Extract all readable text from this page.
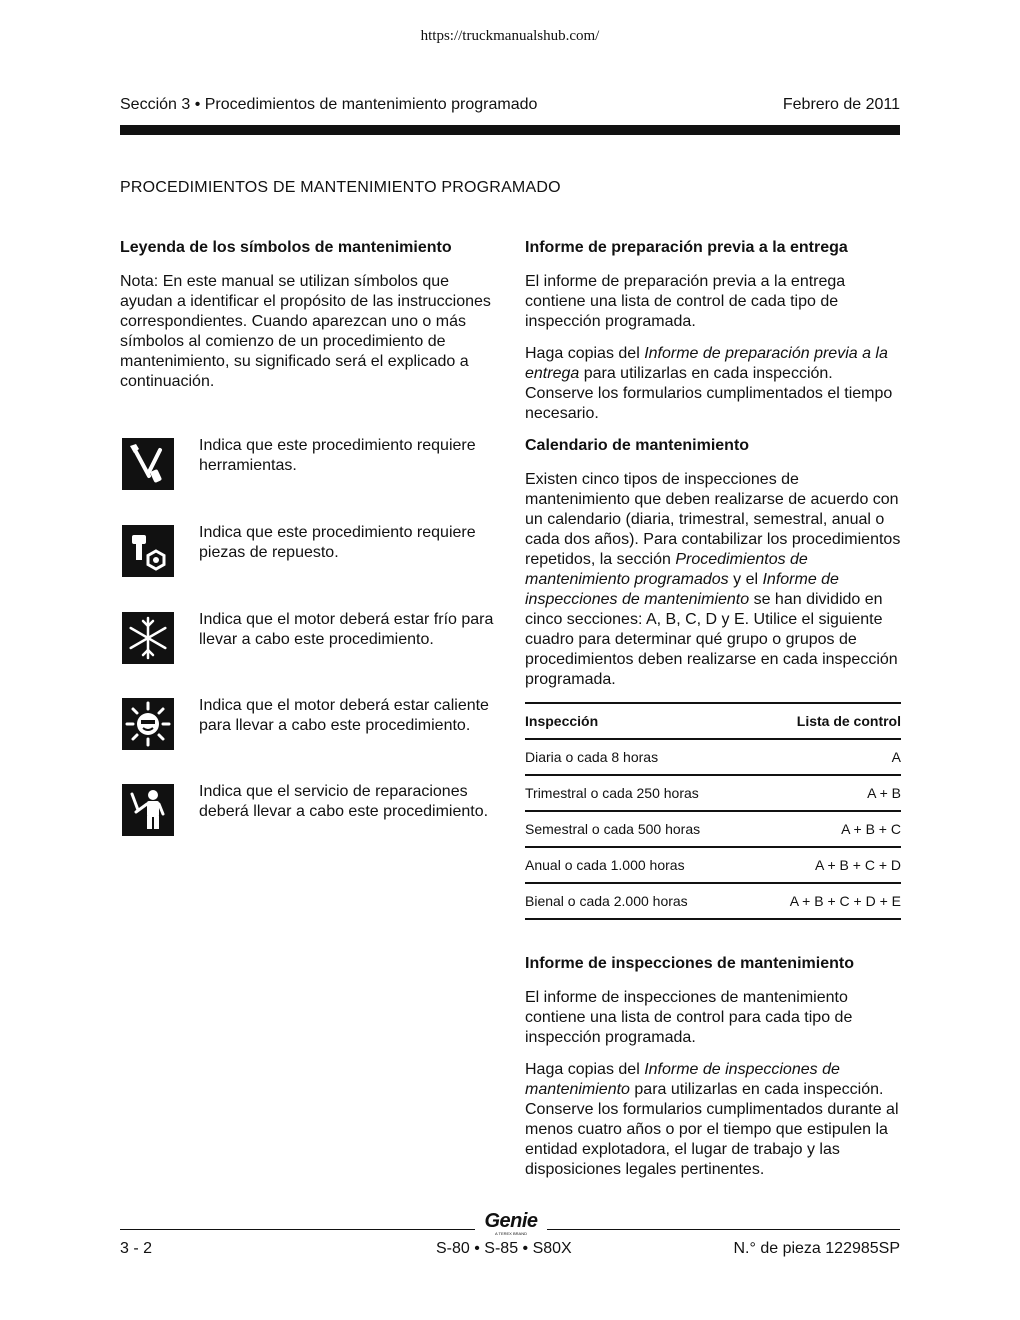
https://truckmanualshub.com/
Sección 3 • Procedimientos de mantenimiento programado	Febrero de 2011
PROCEDIMIENTOS DE MANTENIMIENTO PROGRAMADO
Leyenda de los símbolos de mantenimiento

Nota: En este manual se utilizan símbolos que ayudan a identificar el propósito de las instrucciones correspondientes. Cuando aparezcan uno o más símbolos al comienzo de un procedimiento de mantenimiento, su significado será el explicado a continuación.

Indica que este procedimiento requiere herramientas.
Indica que este procedimiento requiere piezas de repuesto.
Indica que el motor deberá estar frío para llevar a cabo este procedimiento.
Indica que el motor deberá estar caliente para llevar a cabo este procedimiento.
Indica que el servicio de reparaciones deberá llevar a cabo este procedimiento.
Informe de preparación previa a la entrega

El informe de preparación previa a la entrega contiene una lista de control de cada tipo de inspección programada.

Haga copias del Informe de preparación previa a la entrega para utilizarlas en cada inspección. Conserve los formularios cumplimentados el tiempo necesario.

Calendario de mantenimiento

Existen cinco tipos de inspecciones de mantenimiento que deben realizarse de acuerdo con un calendario (diaria, trimestral, semestral, anual o cada dos años). Para contabilizar los procedimientos repetidos, la sección Procedimientos de mantenimiento programados y el Informe de inspecciones de mantenimiento se han dividido en cinco secciones: A, B, C, D y E. Utilice el siguiente cuadro para determinar qué grupo o grupos de procedimientos deben realizarse en cada inspección programada.

Inspección	Lista de control
Diaria o cada 8 horas	A
Trimestral o cada 250 horas	A + B
Semestral o cada 500 horas	A + B + C
Anual o cada 1.000 horas	A + B + C + D
Bienal o cada 2.000 horas	A + B + C + D + E
Informe de inspecciones de mantenimiento

El informe de inspecciones de mantenimiento contiene una lista de control para cada tipo de inspección programada.

Haga copias del Informe de inspecciones de mantenimiento para utilizarlas en cada inspección. Conserve los formularios cumplimentados durante al menos cuatro años o por el tiempo que estipulen la entidad explotadora, el lugar de trabajo y las disposiciones legales pertinentes.

Genie
A TEREX BRAND
3 - 2	S-80 • S-85 • S80X	N.° de pieza 122985SP
